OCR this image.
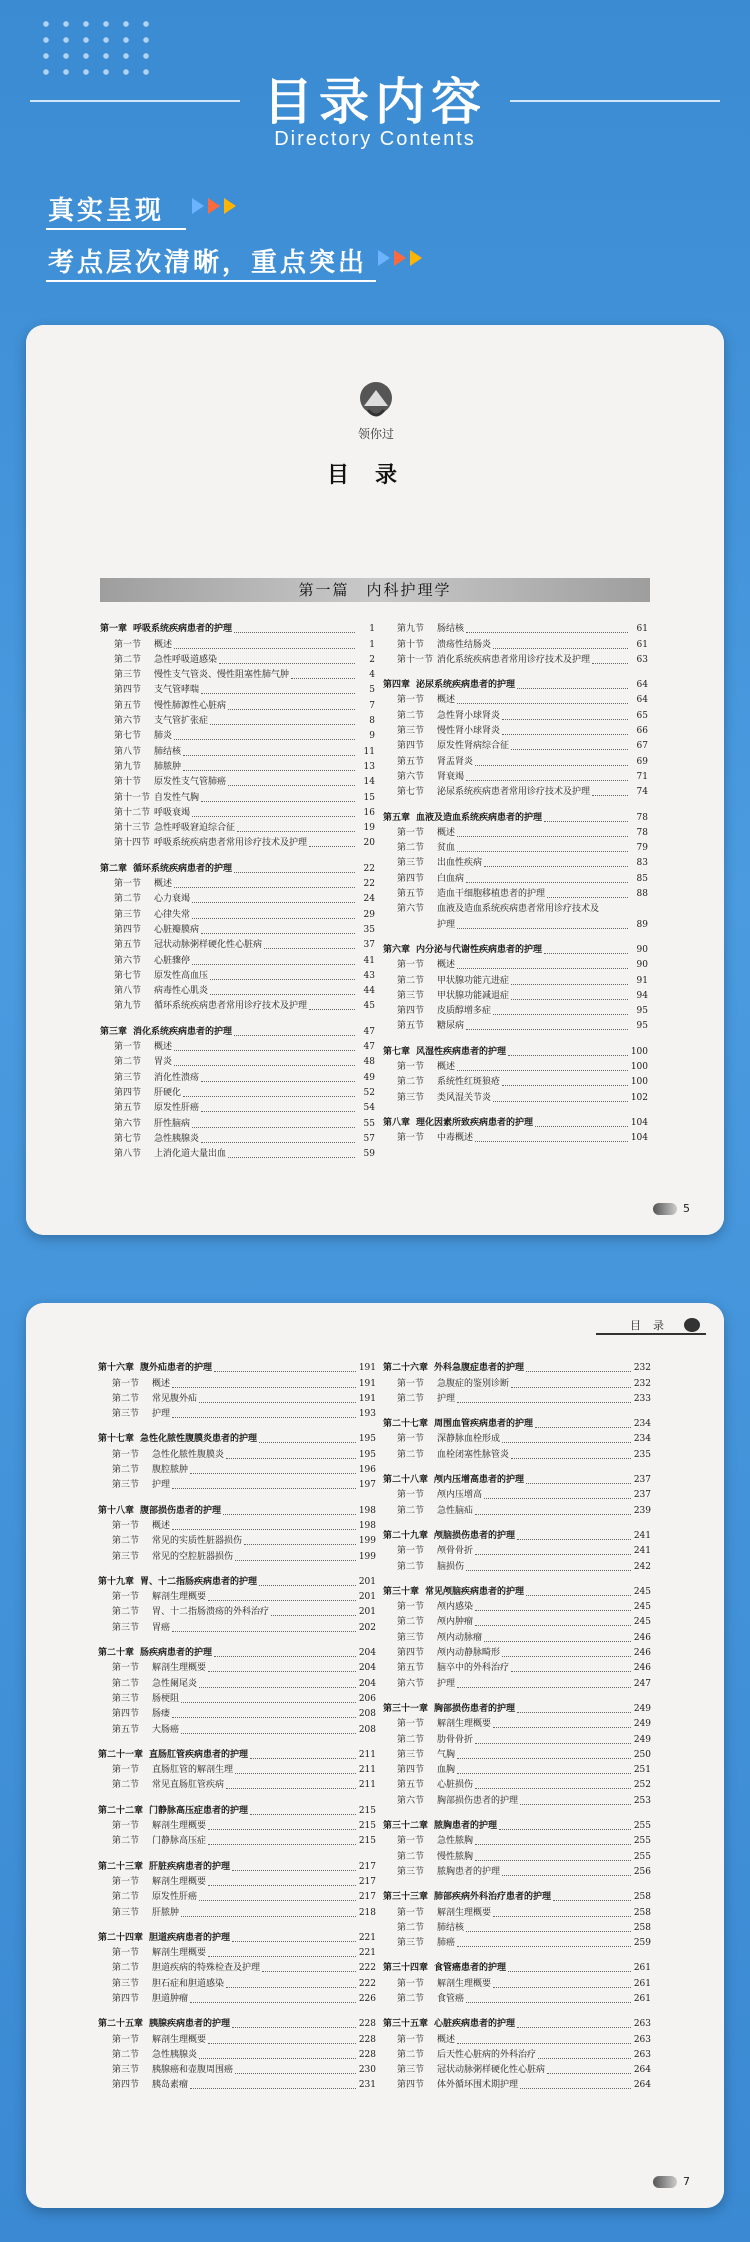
目录内容
Directory Contents
真实呈现
考点层次清晰，重点突出
领你过
目录
第一篇　内科护理学
第一章 呼吸系统疾病患者的护理	1
第一节	概述	1
第二节	急性呼吸道感染	2
第三节	慢性支气管炎、慢性阻塞性肺气肿	4
第四节	支气管哮喘	5
第五节	慢性肺源性心脏病	7
第六节	支气管扩张症	8
第七节	肺炎	9
第八节	肺结核	11
第九节	肺脓肿	13
第十节	原发性支气管肺癌	14
第十一节 自发性气胸	15
第十二节 呼吸衰竭	16
第十三节 急性呼吸窘迫综合征	19
第十四节 呼吸系统疾病患者常用诊疗技术及护理	20
第二章 循环系统疾病患者的护理	22
第一节	概述	22
第二节	心力衰竭	24
第三节	心律失常	29
第四节	心脏瓣膜病	35
第五节	冠状动脉粥样硬化性心脏病	37
第六节	心脏骤停	41
第七节	原发性高血压	43
第八节	病毒性心肌炎	44
第九节	循环系统疾病患者常用诊疗技术及护理	45
第三章 消化系统疾病患者的护理	47
第一节	概述	47
第二节	胃炎	48
第三节	消化性溃疡	49
第四节	肝硬化	52
第五节	原发性肝癌	54
第六节	肝性脑病	55
第七节	急性胰腺炎	57
第八节	上消化道大量出血	59
第九节	肠结核	61
第十节	溃疡性结肠炎	61
第十一节 消化系统疾病患者常用诊疗技术及护理	63
第四章 泌尿系统疾病患者的护理	64
第一节	概述	64
第二节	急性肾小球肾炎	65
第三节	慢性肾小球肾炎	66
第四节	原发性肾病综合征	67
第五节	肾盂肾炎	69
第六节	肾衰竭	71
第七节	泌尿系统疾病患者常用诊疗技术及护理	74
第五章 血液及造血系统疾病患者的护理	78
第一节	概述	78
第二节	贫血	79
第三节	出血性疾病	83
第四节	白血病	85
第五节	造血干细胞移植患者的护理	88
第六节	血液及造血系统疾病患者常用诊疗技术及
护理	89
第六章 内分泌与代谢性疾病患者的护理	90
第一节	概述	90
第二节	甲状腺功能亢进症	91
第三节	甲状腺功能减退症	94
第四节	皮质醇增多症	95
第五节	糖尿病	95
第七章 风湿性疾病患者的护理	100
第一节	概述	100
第二节	系统性红斑狼疮	100
第三节	类风湿关节炎	102
第八章 理化因素所致疾病患者的护理	104
第一节	中毒概述	104
5
目录
第十六章 腹外疝患者的护理	191
第一节	概述	191
第二节	常见腹外疝	191
第三节	护理	193
第十七章 急性化脓性腹膜炎患者的护理	195
第一节	急性化脓性腹膜炎	195
第二节	腹腔脓肿	196
第三节	护理	197
第十八章 腹部损伤患者的护理	198
第一节	概述	198
第二节	常见的实质性脏器损伤	199
第三节	常见的空腔脏器损伤	199
第十九章 胃、十二指肠疾病患者的护理	201
第一节	解剖生理概要	201
第二节	胃、十二指肠溃疡的外科治疗	201
第三节	胃癌	202
第二十章 肠疾病患者的护理	204
第一节	解剖生理概要	204
第二节	急性阑尾炎	204
第三节	肠梗阻	206
第四节	肠瘘	208
第五节	大肠癌	208
第二十一章 直肠肛管疾病患者的护理	211
第一节	直肠肛管的解剖生理	211
第二节	常见直肠肛管疾病	211
第二十二章 门静脉高压症患者的护理	215
第一节	解剖生理概要	215
第二节	门静脉高压症	215
第二十三章 肝脏疾病患者的护理	217
第一节	解剖生理概要	217
第二节	原发性肝癌	217
第三节	肝脓肿	218
第二十四章 胆道疾病患者的护理	221
第一节	解剖生理概要	221
第二节	胆道疾病的特殊检查及护理	222
第三节	胆石症和胆道感染	222
第四节	胆道肿瘤	226
第二十五章 胰腺疾病患者的护理	228
第一节	解剖生理概要	228
第二节	急性胰腺炎	228
第三节	胰腺癌和壶腹周围癌	230
第四节	胰岛素瘤	231
第二十六章 外科急腹症患者的护理	232
第一节	急腹症的鉴别诊断	232
第二节	护理	233
第二十七章 周围血管疾病患者的护理	234
第一节	深静脉血栓形成	234
第二节	血栓闭塞性脉管炎	235
第二十八章 颅内压增高患者的护理	237
第一节	颅内压增高	237
第二节	急性脑疝	239
第二十九章 颅脑损伤患者的护理	241
第一节	颅骨骨折	241
第二节	脑损伤	242
第三十章 常见颅脑疾病患者的护理	245
第一节	颅内感染	245
第二节	颅内肿瘤	245
第三节	颅内动脉瘤	246
第四节	颅内动静脉畸形	246
第五节	脑卒中的外科治疗	246
第六节	护理	247
第三十一章 胸部损伤患者的护理	249
第一节	解剖生理概要	249
第二节	肋骨骨折	249
第三节	气胸	250
第四节	血胸	251
第五节	心脏损伤	252
第六节	胸部损伤患者的护理	253
第三十二章 脓胸患者的护理	255
第一节	急性脓胸	255
第二节	慢性脓胸	255
第三节	脓胸患者的护理	256
第三十三章 肺部疾病外科治疗患者的护理	258
第一节	解剖生理概要	258
第二节	肺结核	258
第三节	肺癌	259
第三十四章 食管癌患者的护理	261
第一节	解剖生理概要	261
第二节	食管癌	261
第三十五章 心脏疾病患者的护理	263
第一节	概述	263
第二节	后天性心脏病的外科治疗	263
第三节	冠状动脉粥样硬化性心脏病	264
第四节	体外循环围术期护理	264
7
